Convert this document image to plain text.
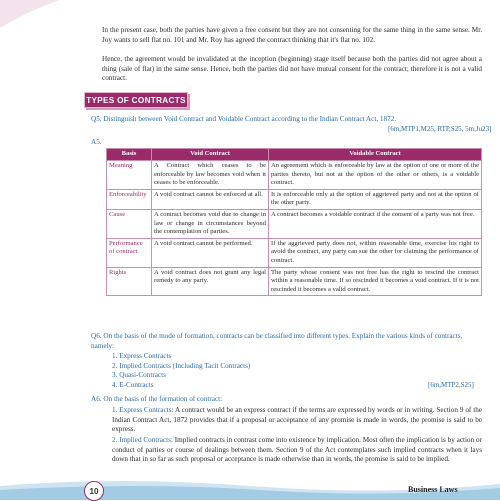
In the present case, both the parties have given a free consent but they are not consenting for the same thing in the same sense. Mr. Joy wants to sell flat no. 101 and Mr. Roy has agreed the contract thinking that it's flat no. 102.
Hence, the agreement would be invalidated at the inception (beginning) stage itself because both the parties did not agree about a thing (sale of flat) in the same sense. Hence, both the parties did not have mutual consent for the contract; therefore it is not a valid contract.
TYPES OF CONTRACTS
Q5. Distinguish between Void Contract and Voidable Contract according to the Indian Contract Act, 1872.
[6m,MTP1,M25, RTP,S25, 5m,Ju23]
A5.
Basis	Void Contract	Voidable Contract
Meaning	A Contract which ceases to be enforceable by law becomes void when it ceases to be enforceable.	An agreement which is enforceable by law at the option of one or more of the parties thereto, but not at the option of the other or others, is a voidable contract.
Enforceability	A void contract cannot be enforced at all.	It is enforceable only at the option of aggrieved party and not at the option of the other party.
Cause	A contract becomes void due to change in law or change in circumstances beyond the contemplation of parties.	A contract becomes a voidable contract if the consent of a party was not free.
Performance of contract	A void contract cannot be performed.	If the aggrieved party does not, within reasonable time, exercise his right to avoid the contract, any party can sue the other for claiming the performance of contract.
Rights	A void contract does not grant any legal remedy to any party.	The party whose consent was not free has the right to rescind the contract within a reasonable time. If so rescinded it becomes a void contract. If it is not rescinded it becomes a valid contract.
Q6. On the basis of the mode of formation, contracts can be classified into different types. Explain the various kinds of contracts, namely:
1. Express Contracts
2. Implied Contracts (Including Tacit Contracts)
3. Quasi-Contracts
4. E-Contracts	[6m,MTP2,S25]
A6. On the basis of the formation of contract:
1. Express Contracts: A contract would be an express contract if the terms are expressed by words or in writing. Section 9 of the Indian Contract Act, 1872 provides that if a proposal or acceptance of any promise is made in words, the promise is said to be express.
2. Implied Contracts: Implied contracts in contrast come into existence by implication. Most often the implication is by action or conduct of parties or course of dealings between them. Section 9 of the Act contemplates such implied contracts when it lays down that in so far as such proposal or acceptance is made otherwise than in words, the promise is said to be implied.
10	Business Laws
